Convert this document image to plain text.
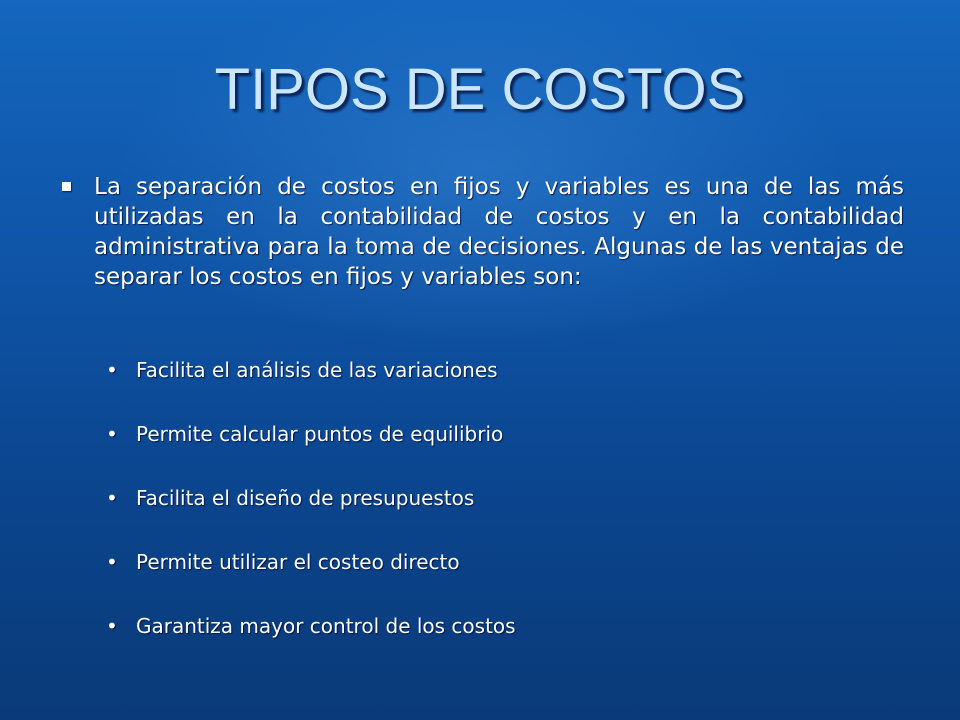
TIPOS DE COSTOS
La separación de costos en fijos y variables es una de las más utilizadas en la contabilidad de costos y en la contabilidad administrativa para la toma de decisiones. Algunas de las ventajas de separar los costos en fijos y variables son:
• Facilita el análisis de las variaciones
• Permite calcular puntos de equilibrio
• Facilita el diseño de presupuestos
• Permite utilizar el costeo directo
• Garantiza mayor control de los costos
